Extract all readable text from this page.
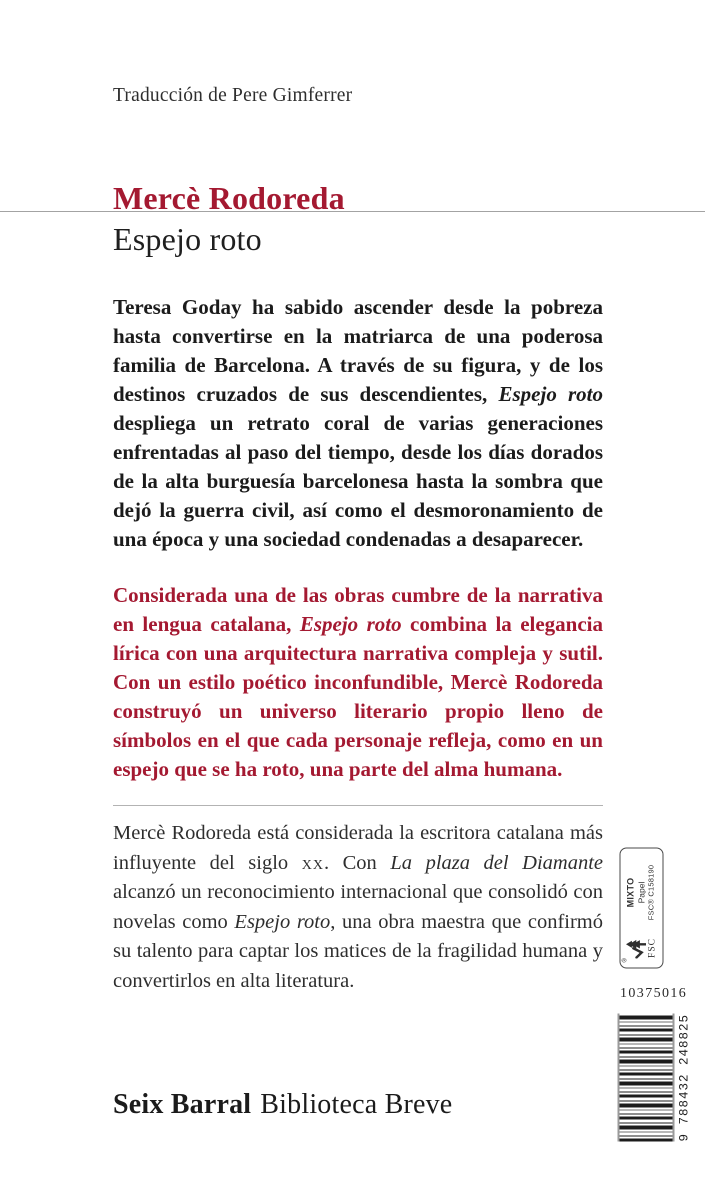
Traducción de Pere Gimferrer
Mercè Rodoreda
Espejo roto

Teresa Goday ha sabido ascender desde la pobreza hasta convertirse en la matriarca de una poderosa familia de Barcelona. A través de su figura, y de los destinos cruzados de sus descendientes, Espejo roto despliega un retrato coral de varias generaciones enfrentadas al paso del tiempo, desde los días dorados de la alta burguesía barcelonesa hasta la sombra que dejó la guerra civil, así como el desmoronamiento de una época y una sociedad condenadas a desaparecer.

Considerada una de las obras cumbre de la narrativa en lengua catalana, Espejo roto combina la elegancia lírica con una arquitectura narrativa compleja y sutil. Con un estilo poético inconfundible, Mercè Rodoreda construyó un universo literario propio lleno de símbolos en el que cada personaje refleja, como en un espejo que se ha roto, una parte del alma humana.

Mercè Rodoreda está considerada la escritora catalana más influyente del siglo xx. Con La plaza del Diamante alcanzó un reconocimiento internacional que consolidó con novelas como Espejo roto, una obra maestra que confirmó su talento para captar los matices de la fragilidad humana y convertirlos en alta literatura.

®
FSC
MIXTO Papel FSC® C158190
10375016
9 788432 248825
Seix Barral Biblioteca Breve
